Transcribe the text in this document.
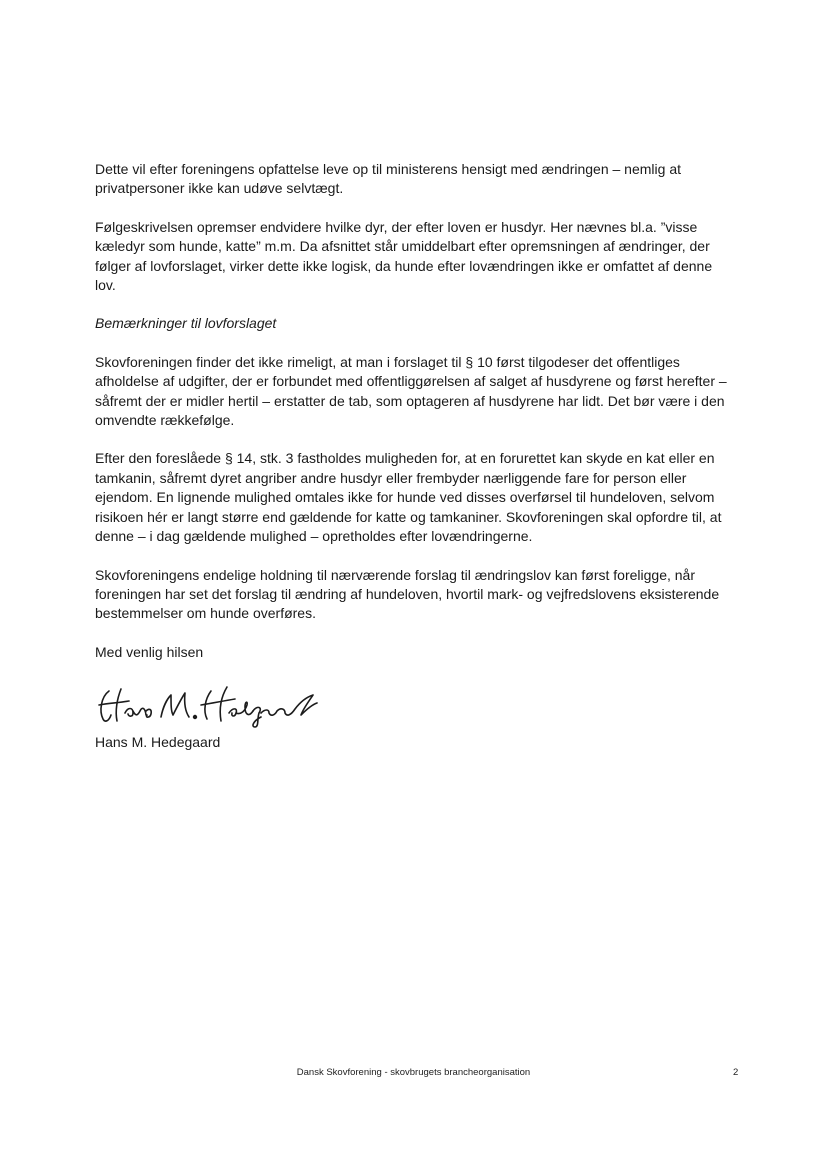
Dette vil efter foreningens opfattelse leve op til ministerens hensigt med ændringen – nemlig at privatpersoner ikke kan udøve selvtægt.

Følgeskrivelsen opremser endvidere hvilke dyr, der efter loven er husdyr. Her nævnes bl.a. ”visse kæledyr som hunde, katte” m.m. Da afsnittet står umiddelbart efter opremsningen af ændringer, der følger af lovforslaget, virker dette ikke logisk, da hunde efter lovændringen ikke er omfattet af denne lov.

Bemærkninger til lovforslaget

Skovforeningen finder det ikke rimeligt, at man i forslaget til § 10 først tilgodeser det offentliges afholdelse af udgifter, der er forbundet med offentliggørelsen af salget af husdyrene og først herefter – såfremt der er midler hertil – erstatter de tab, som optageren af husdyrene har lidt. Det bør være i den omvendte rækkefølge.

Efter den foreslåede § 14, stk. 3 fastholdes muligheden for, at en forurettet kan skyde en kat eller en tamkanin, såfremt dyret angriber andre husdyr eller frembyder nærliggende fare for person eller ejendom. En lignende mulighed omtales ikke for hunde ved disses overførsel til hundeloven, selvom risikoen hér er langt større end gældende for katte og tamkaniner. Skovforeningen skal opfordre til, at denne – i dag gældende mulighed – opretholdes efter lovændringerne.

Skovforeningens endelige holdning til nærværende forslag til ændringslov kan først foreligge, når foreningen har set det forslag til ændring af hundeloven, hvortil mark- og vejfredslovens eksisterende bestemmelser om hunde overføres.

Med venlig hilsen

Hans M. Hedegaard

Hans M. Hedegaard

Dansk Skovforening - skovbrugets brancheorganisation	2
